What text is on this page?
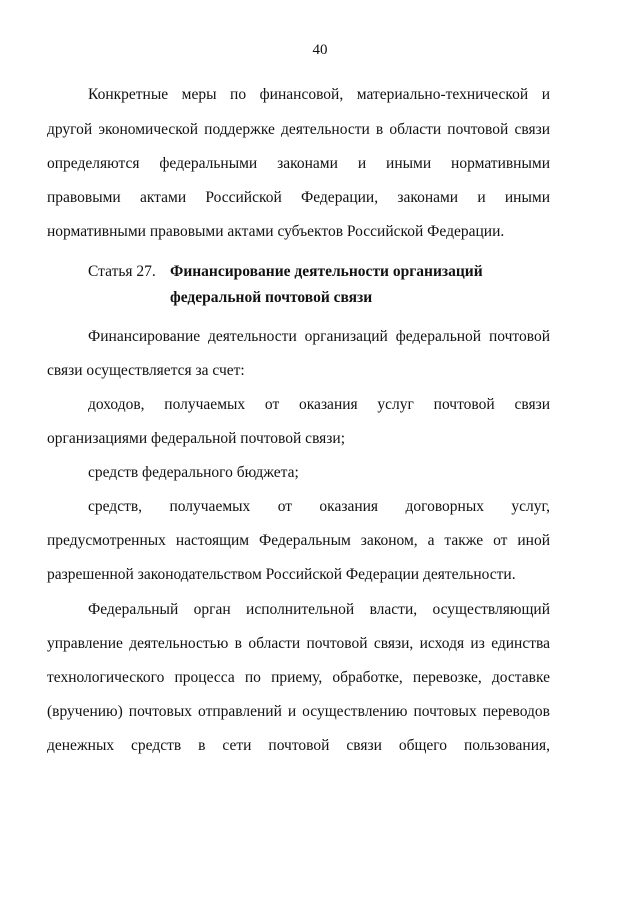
40
Конкретные меры по финансовой, материально-технической и
другой экономической поддержке деятельности в области почтовой связи
определяются федеральными законами и иными нормативными
правовыми актами Российской Федерации, законами и иными
нормативными правовыми актами субъектов Российской Федерации.
Статья 27. Финансирование деятельности организаций
федеральной почтовой связи
Финансирование деятельности организаций федеральной почтовой
связи осуществляется за счет:
доходов, получаемых от оказания услуг почтовой связи
организациями федеральной почтовой связи;
средств федерального бюджета;
средств, получаемых от оказания договорных услуг,
предусмотренных настоящим Федеральным законом, а также от иной
разрешенной законодательством Российской Федерации деятельности.
Федеральный орган исполнительной власти, осуществляющий
управление деятельностью в области почтовой связи, исходя из единства
технологического процесса по приему, обработке, перевозке, доставке
(вручению) почтовых отправлений и осуществлению почтовых переводов
денежных средств в сети почтовой связи общего пользования,
